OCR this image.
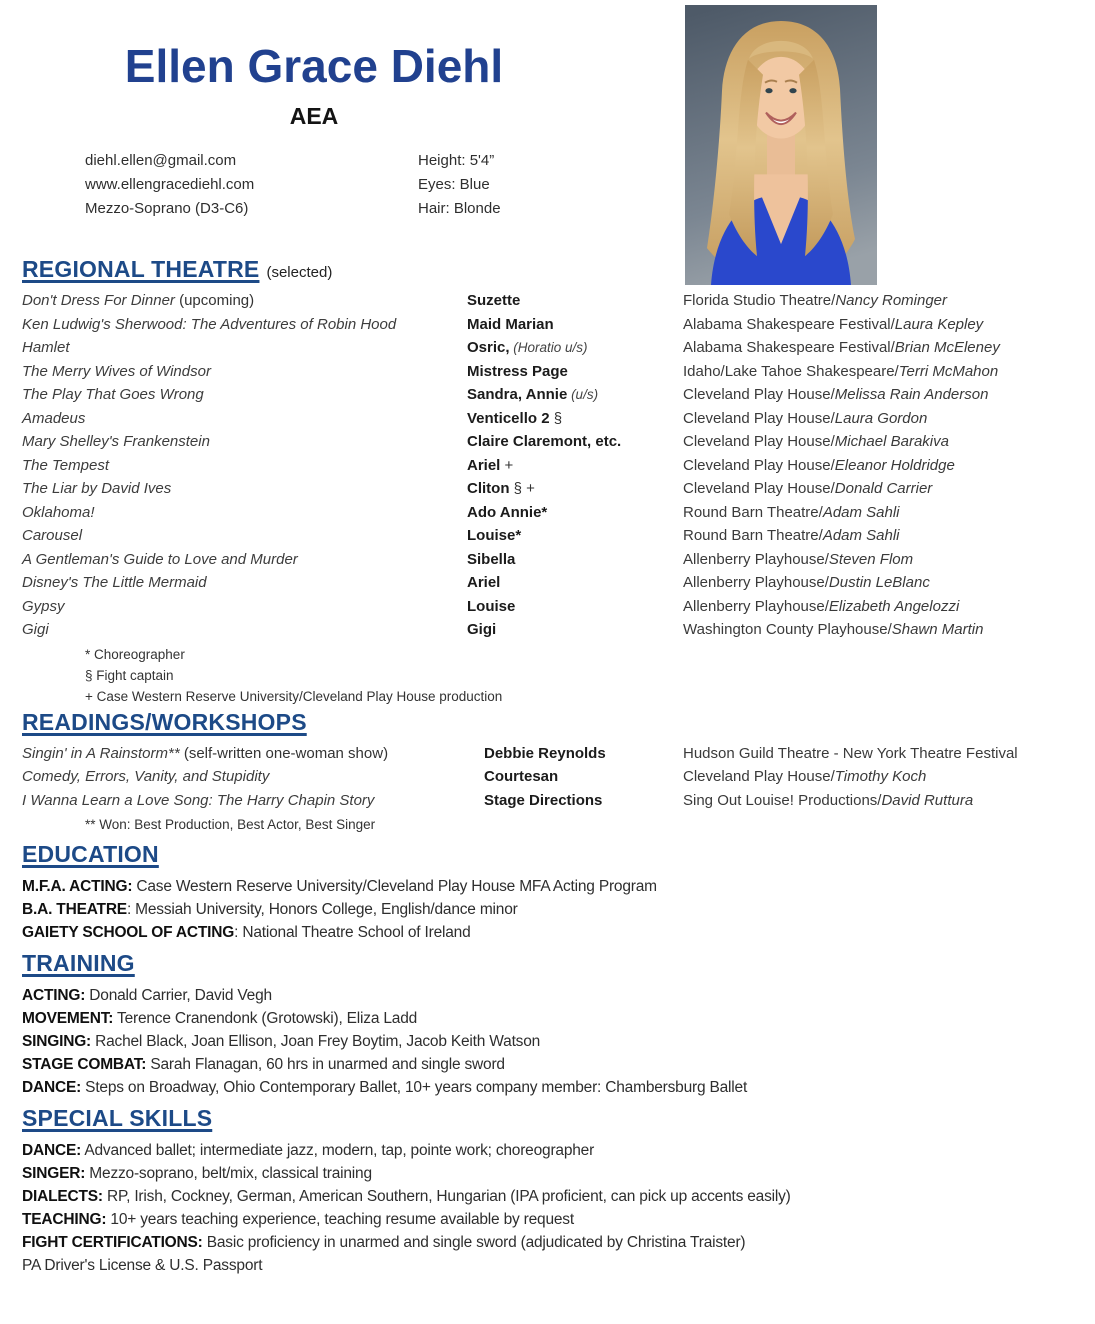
Ellen Grace Diehl
AEA
diehl.ellen@gmail.com
www.ellengracediehl.com
Mezzo-Soprano (D3-C6)
Height: 5'4”
Eyes: Blue
Hair: Blonde
REGIONAL THEATRE (selected)
Don't Dress For Dinner (upcoming)	Suzette	Florida Studio Theatre/Nancy Rominger
Ken Ludwig's Sherwood: The Adventures of Robin Hood	Maid Marian	Alabama Shakespeare Festival/Laura Kepley
Hamlet	Osric, (Horatio u/s)	Alabama Shakespeare Festival/Brian McEleney
The Merry Wives of Windsor	Mistress Page	Idaho/Lake Tahoe Shakespeare/Terri McMahon
The Play That Goes Wrong	Sandra, Annie (u/s)	Cleveland Play House/Melissa Rain Anderson
Amadeus	Venticello 2 §	Cleveland Play House/Laura Gordon
Mary Shelley's Frankenstein	Claire Claremont, etc.	Cleveland Play House/Michael Barakiva
The Tempest	Ariel +	Cleveland Play House/Eleanor Holdridge
The Liar by David Ives	Cliton § +	Cleveland Play House/Donald Carrier
Oklahoma!	Ado Annie*	Round Barn Theatre/Adam Sahli
Carousel	Louise*	Round Barn Theatre/Adam Sahli
A Gentleman's Guide to Love and Murder	Sibella	Allenberry Playhouse/Steven Flom
Disney's The Little Mermaid	Ariel	Allenberry Playhouse/Dustin LeBlanc
Gypsy	Louise	Allenberry Playhouse/Elizabeth Angelozzi
Gigi	Gigi	Washington County Playhouse/Shawn Martin
* Choreographer
§ Fight captain
+ Case Western Reserve University/Cleveland Play House production
READINGS/WORKSHOPS
Singin' in A Rainstorm** (self-written one-woman show)	Debbie Reynolds	Hudson Guild Theatre - New York Theatre Festival
Comedy, Errors, Vanity, and Stupidity	Courtesan	Cleveland Play House/Timothy Koch
I Wanna Learn a Love Song: The Harry Chapin Story	Stage Directions	Sing Out Louise! Productions/David Ruttura
** Won: Best Production, Best Actor, Best Singer
EDUCATION
M.F.A. ACTING: Case Western Reserve University/Cleveland Play House MFA Acting Program
B.A. THEATRE: Messiah University, Honors College, English/dance minor
GAIETY SCHOOL OF ACTING: National Theatre School of Ireland
TRAINING
ACTING: Donald Carrier, David Vegh
MOVEMENT: Terence Cranendonk (Grotowski), Eliza Ladd
SINGING: Rachel Black, Joan Ellison, Joan Frey Boytim, Jacob Keith Watson
STAGE COMBAT: Sarah Flanagan, 60 hrs in unarmed and single sword
DANCE: Steps on Broadway, Ohio Contemporary Ballet, 10+ years company member: Chambersburg Ballet
SPECIAL SKILLS
DANCE: Advanced ballet; intermediate jazz, modern, tap, pointe work; choreographer
SINGER: Mezzo-soprano, belt/mix, classical training
DIALECTS: RP, Irish, Cockney, German, American Southern, Hungarian (IPA proficient, can pick up accents easily)
TEACHING: 10+ years teaching experience, teaching resume available by request
FIGHT CERTIFICATIONS: Basic proficiency in unarmed and single sword (adjudicated by Christina Traister)
PA Driver's License & U.S. Passport
